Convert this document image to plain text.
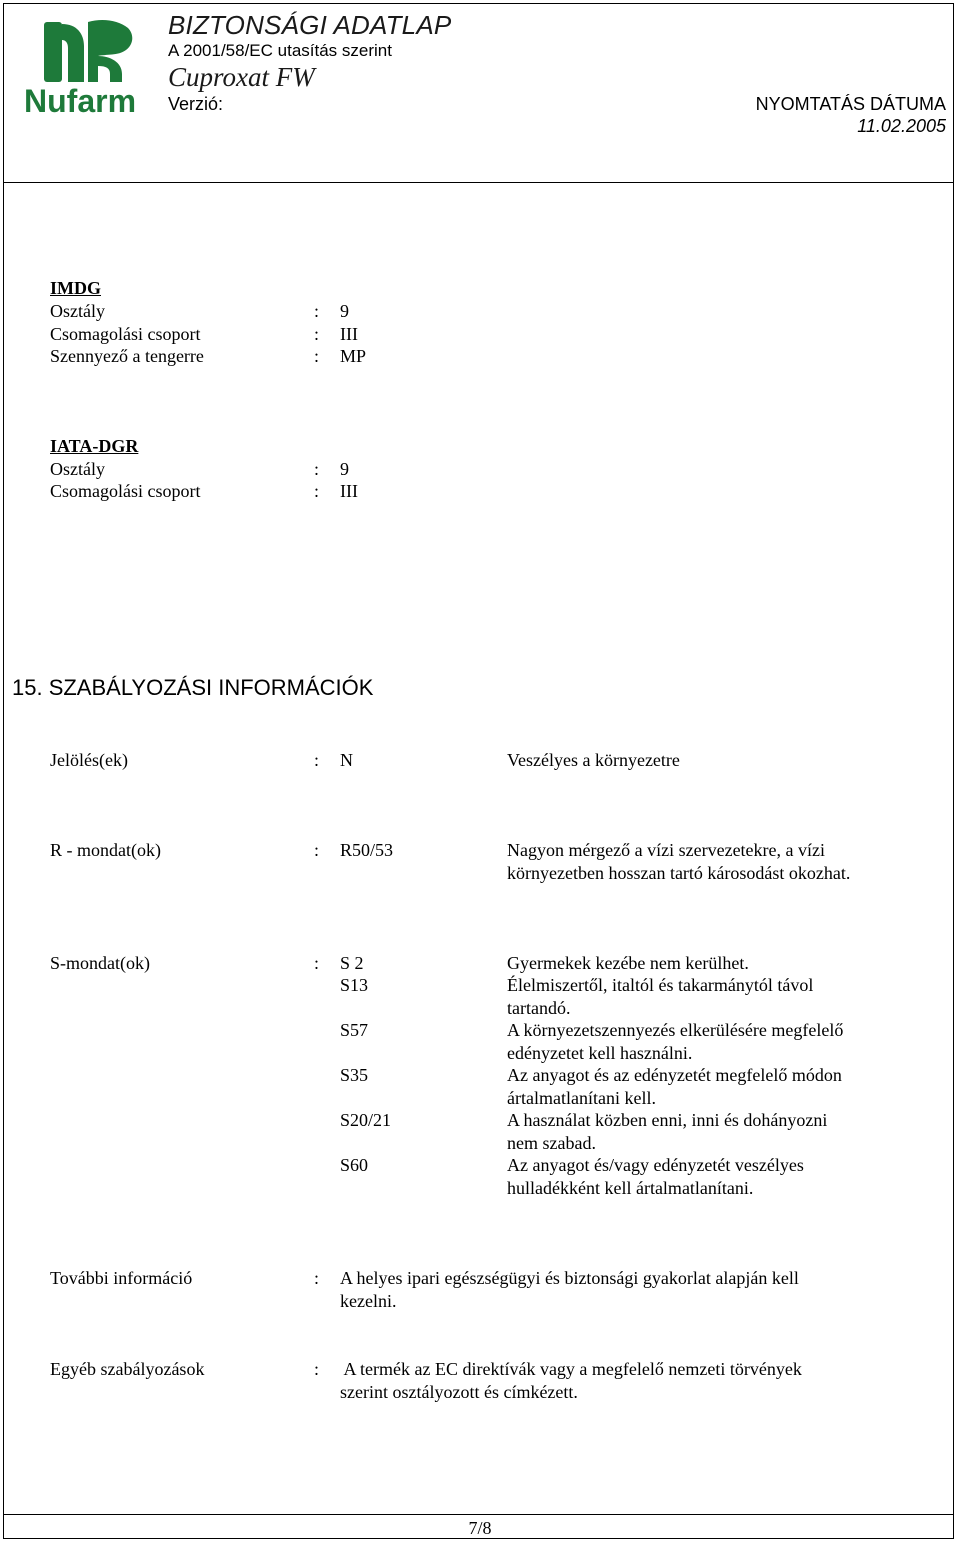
Nufarm
BIZTONSÁGI ADATLAP
A 2001/58/EC utasítás szerint
Cuproxat FW
Verzió:	NYOMTATÁS DÁTUMA
11.02.2005
IMDG
Osztály	: 9
Csomagolási csoport	: III
Szennyező a tengerre	: MP
IATA-DGR
Osztály	: 9
Csomagolási csoport	: III
15. SZABÁLYOZÁSI INFORMÁCIÓK
Jelölés(ek)	: N	Veszélyes a környezetre
R - mondat(ok)	: R50/53	Nagyon mérgező a vízi szervezetekre, a vízi
környezetben hosszan tartó károsodást okozhat.
S-mondat(ok)	: S 2	Gyermekek kezébe nem kerülhet.
S13	Élelmiszertől, italtól és takarmánytól távol
tartandó.
S57	A környezetszennyezés elkerülésére megfelelő
edényzetet kell használni.
S35	Az anyagot és az edényzetét megfelelő módon
ártalmatlanítani kell.
S20/21	A használat közben enni, inni és dohányozni
nem szabad.
S60	Az anyagot és/vagy edényzetét veszélyes
hulladékként kell ártalmatlanítani.
További információ	: A helyes ipari egészségügyi és biztonsági gyakorlat alapján kell
kezelni.
Egyéb szabályozások	: A termék az EC direktívák vagy a megfelelő nemzeti törvények
szerint osztályozott és címkézett.
7/8
